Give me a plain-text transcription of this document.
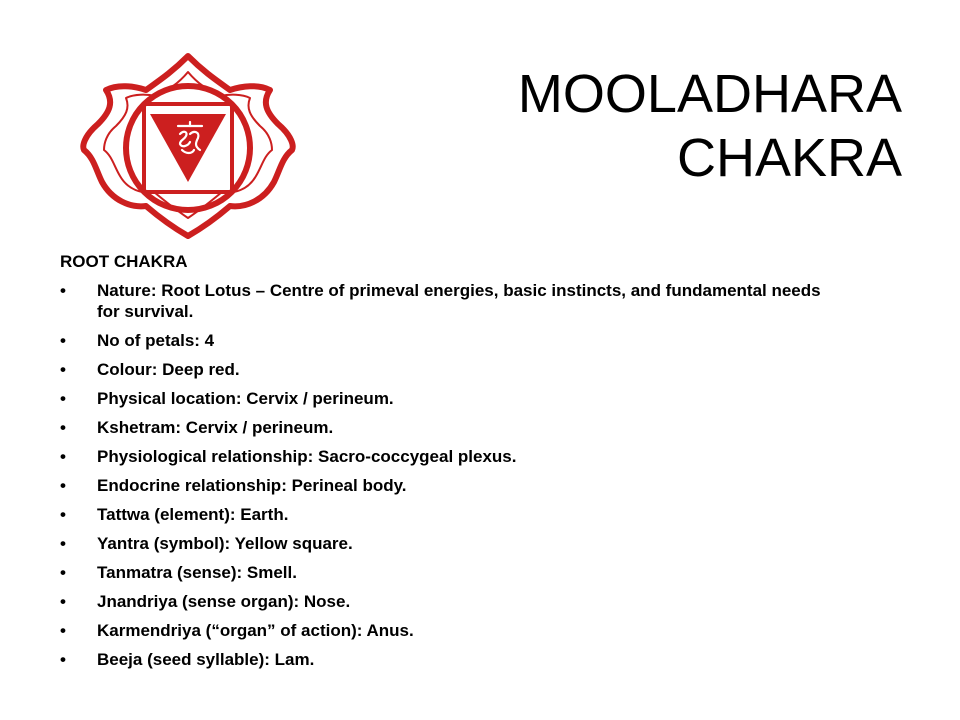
MOOLADHARA
CHAKRA
ROOT CHAKRA
• Nature: Root Lotus – Centre of primeval energies, basic instincts, and fundamental needs for survival.
• No of petals: 4
• Colour: Deep red.
• Physical location: Cervix / perineum.
• Kshetram: Cervix / perineum.
• Physiological relationship: Sacro-coccygeal plexus.
• Endocrine relationship: Perineal body.
• Tattwa (element): Earth.
• Yantra (symbol): Yellow square.
• Tanmatra (sense): Smell.
• Jnandriya (sense organ): Nose.
• Karmendriya (“organ” of action): Anus.
• Beeja (seed syllable): Lam.
